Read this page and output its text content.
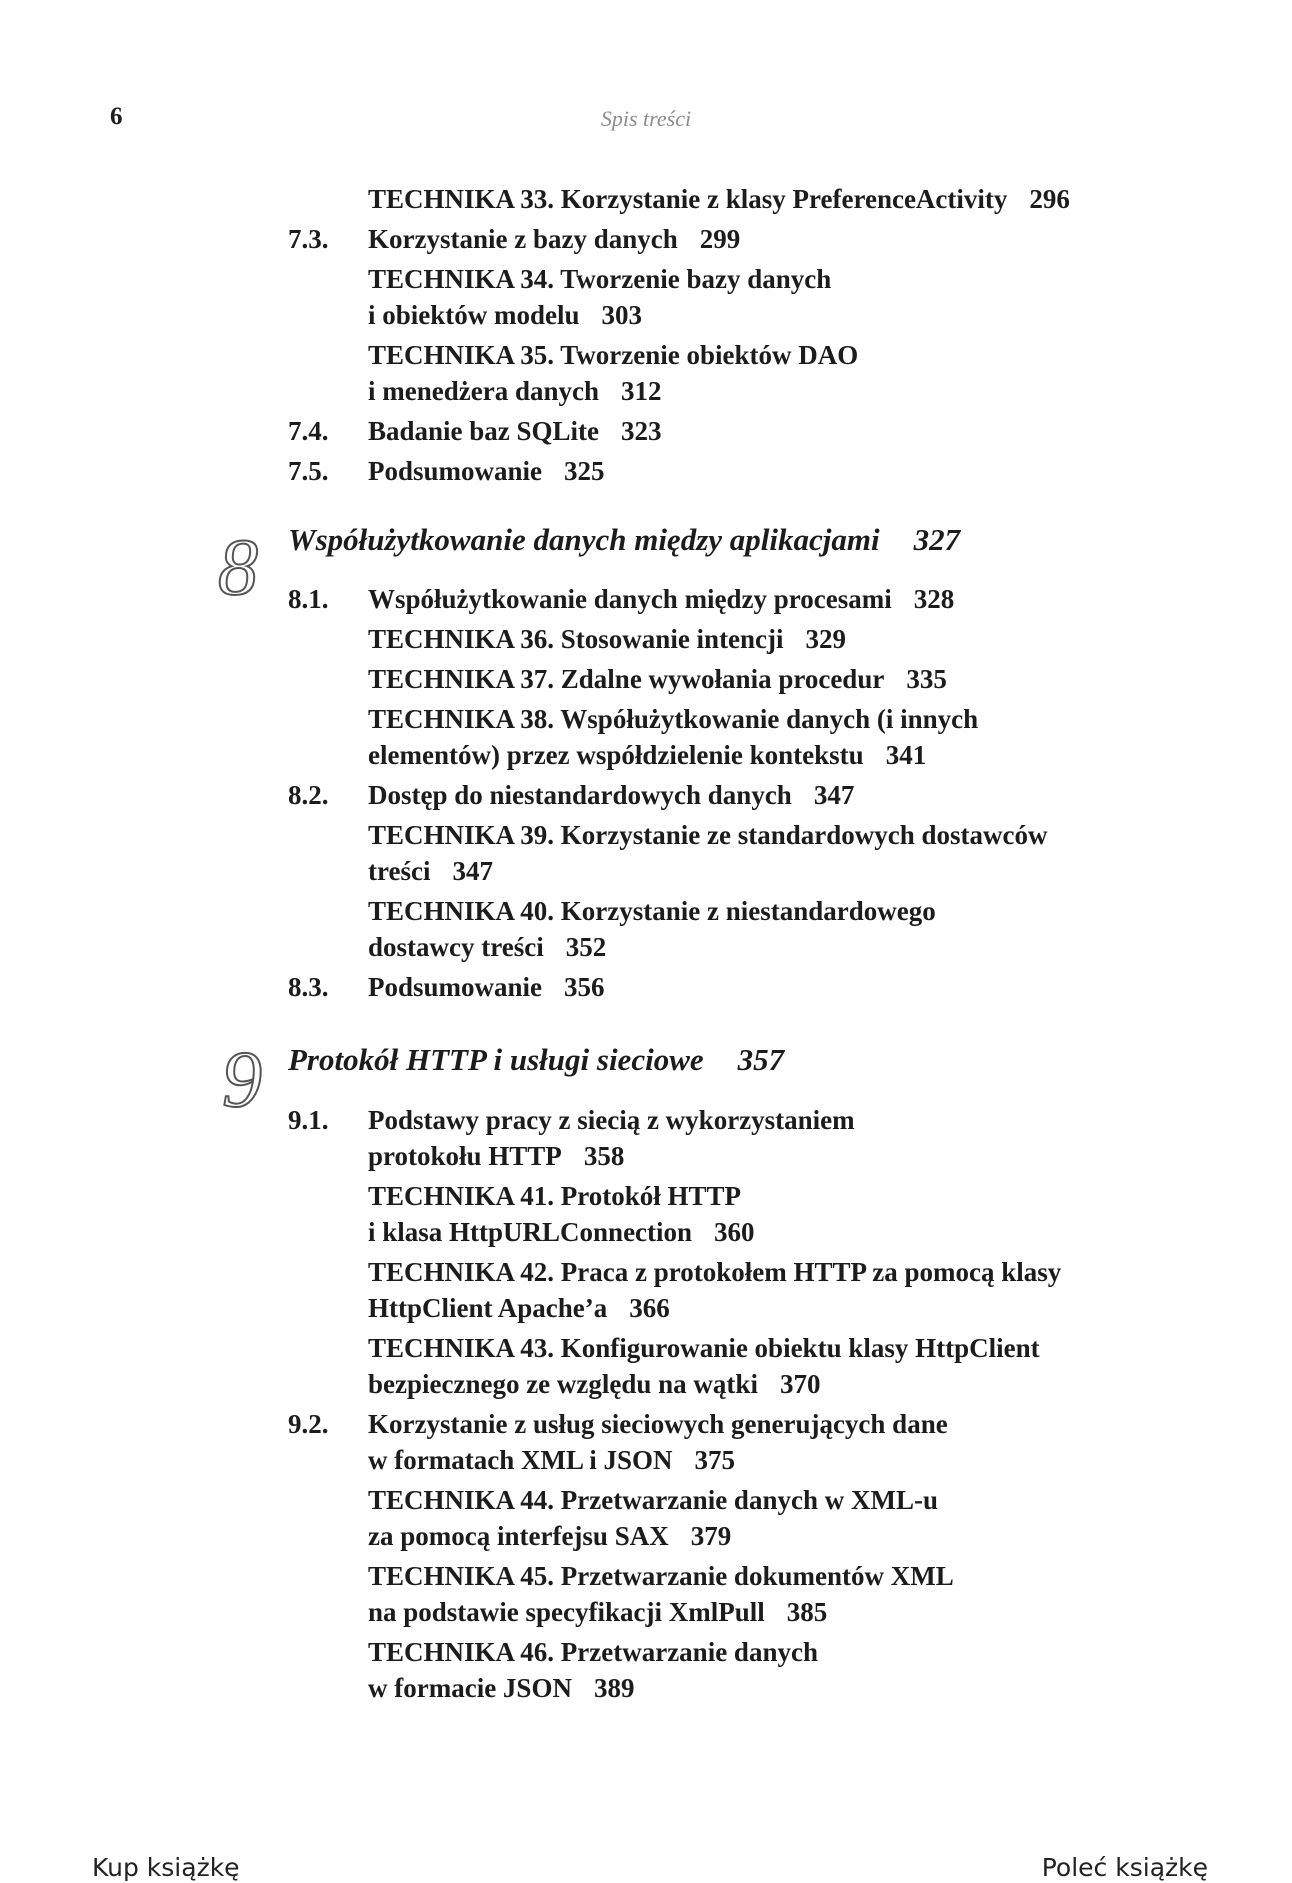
6	Spis treści
TECHNIKA 33. Korzystanie z klasy PreferenceActivity 296
7.3. Korzystanie z bazy danych 299
TECHNIKA 34. Tworzenie bazy danych
i obiektów modelu 303
TECHNIKA 35. Tworzenie obiektów DAO
i menedżera danych 312
7.4. Badanie baz SQLite 323
7.5. Podsumowanie 325
8.1. Współużytkowanie danych między procesami 328
TECHNIKA 36. Stosowanie intencji 329
TECHNIKA 37. Zdalne wywołania procedur 335
TECHNIKA 38. Współużytkowanie danych (i innych
elementów) przez współdzielenie kontekstu 341
8.2. Dostęp do niestandardowych danych 347
TECHNIKA 39. Korzystanie ze standardowych dostawców
treści 347
TECHNIKA 40. Korzystanie z niestandardowego
dostawcy treści 352
8.3. Podsumowanie 356
9.1. Podstawy pracy z siecią z wykorzystaniem
protokołu HTTP 358
TECHNIKA 41. Protokół HTTP
i klasa HttpURLConnection 360
TECHNIKA 42. Praca z protokołem HTTP za pomocą klasy
HttpClient Apache’a 366
TECHNIKA 43. Konfigurowanie obiektu klasy HttpClient
bezpiecznego ze względu na wątki 370
9.2. Korzystanie z usług sieciowych generujących dane
w formatach XML i JSON 375
TECHNIKA 44. Przetwarzanie danych w XML-u
za pomocą interfejsu SAX 379
TECHNIKA 45. Przetwarzanie dokumentów XML
na podstawie specyfikacji XmlPull 385
TECHNIKA 46. Przetwarzanie danych
w formacie JSON 389
8 Współużytkowanie danych między aplikacjami 327
9 Protokół HTTP i usługi sieciowe 357
Kup książkę	Poleć książkę
